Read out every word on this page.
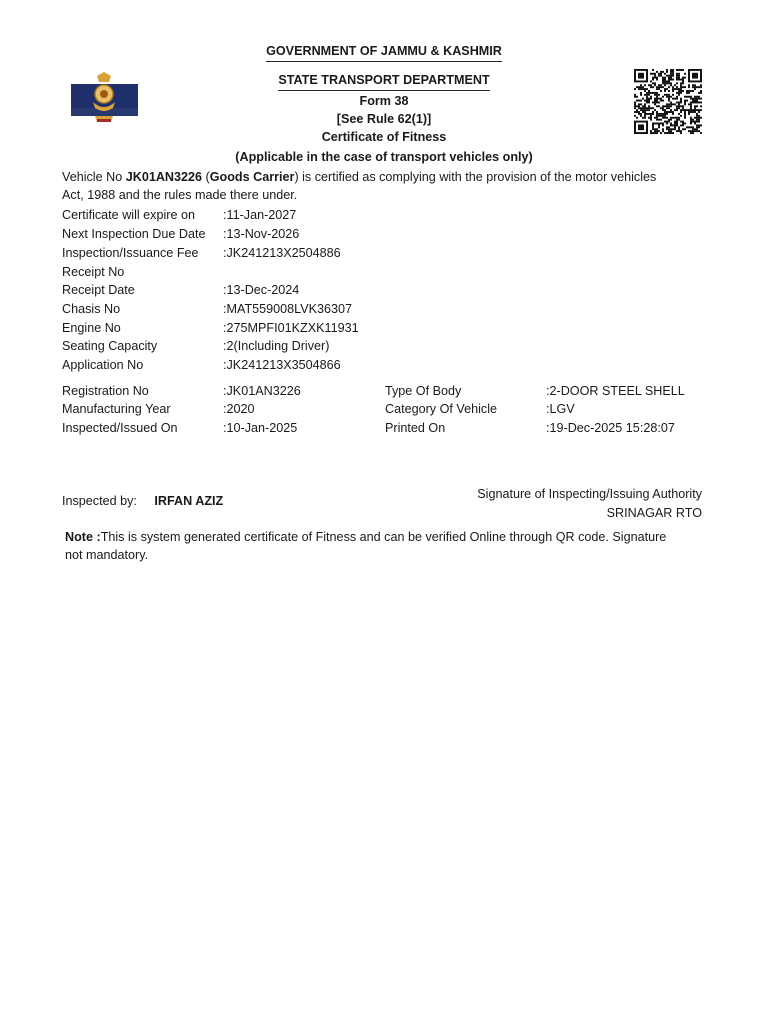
GOVERNMENT OF JAMMU & KASHMIR
STATE TRANSPORT DEPARTMENT
Form 38
[See Rule 62(1)]
Certificate of Fitness
(Applicable in the case of transport vehicles only)
Vehicle No JK01AN3226 (Goods Carrier) is certified as complying with the provision of the motor vehicles
Act, 1988 and the rules made there under.
Certificate will expire on :11-Jan-2027
Next Inspection Due Date :13-Nov-2026
Inspection/Issuance Fee :JK241213X2504886
Receipt No
Receipt Date	:13-Dec-2024
Chasis No	:MAT559008LVK36307
Engine No	:275MPFI01KZXK11931
Seating Capacity	:2(Including Driver)
Application No	:JK241213X3504866
Registration No	:JK01AN3226	Type Of Body	:2-DOOR STEEL SHELL
Manufacturing Year	:2020	Category Of Vehicle	:LGV
Inspected/Issued On	:10-Jan-2025	Printed On	:19-Dec-2025 15:28:07
Inspected by: IRFAN AZIZ	Signature of Inspecting/Issuing Authority
SRINAGAR RTO
Note :This is system generated certificate of Fitness and can be verified Online through QR code. Signature
not mandatory.
